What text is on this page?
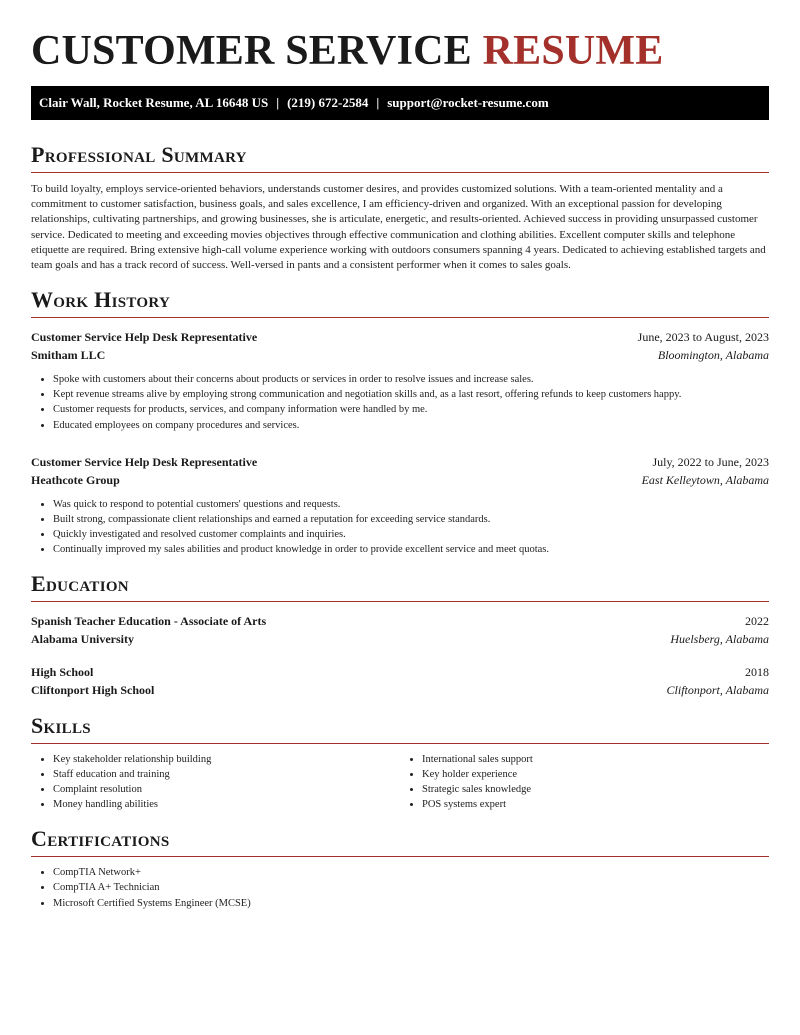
CUSTOMER SERVICE RESUME
Clair Wall, Rocket Resume, AL 16648 US | (219) 672-2584 | support@rocket-resume.com
Professional Summary

To build loyalty, employs service-oriented behaviors, understands customer desires, and provides customized solutions. With a team-oriented mentality and a commitment to customer satisfaction, business goals, and sales excellence, I am efficiency-driven and organized. With an exceptional passion for developing relationships, cultivating partnerships, and growing businesses, she is articulate, energetic, and results-oriented. Achieved success in providing unsurpassed customer service. Dedicated to meeting and exceeding movies objectives through effective communication and clothing abilities. Excellent computer skills and telephone etiquette are required. Bring extensive high-call volume experience working with outdoors consumers spanning 4 years. Dedicated to achieving established targets and team goals and has a track record of success. Well-versed in pants and a consistent performer when it comes to sales goals.

Work History
Customer Service Help Desk Representative	June, 2023 to August, 2023
Smitham LLC	Bloomington, Alabama
• Spoke with customers about their concerns about products or services in order to resolve issues and increase sales.
• Kept revenue streams alive by employing strong communication and negotiation skills and, as a last resort, offering refunds to keep customers happy.
• Customer requests for products, services, and company information were handled by me.
• Educated employees on company procedures and services.
Customer Service Help Desk Representative	July, 2022 to June, 2023
Heathcote Group	East Kelleytown, Alabama
• Was quick to respond to potential customers' questions and requests.
• Built strong, compassionate client relationships and earned a reputation for exceeding service standards.
• Quickly investigated and resolved customer complaints and inquiries.
• Continually improved my sales abilities and product knowledge in order to provide excellent service and meet quotas.
Education
Spanish Teacher Education - Associate of Arts	2022
Alabama University	Huelsberg, Alabama
High School	2018
Cliftonport High School	Cliftonport, Alabama
Skills
• Key stakeholder relationship building
• Staff education and training
• Complaint resolution
• Money handling abilities
• International sales support
• Key holder experience
• Strategic sales knowledge
• POS systems expert
Certifications
• CompTIA Network+
• CompTIA A+ Technician
• Microsoft Certified Systems Engineer (MCSE)
